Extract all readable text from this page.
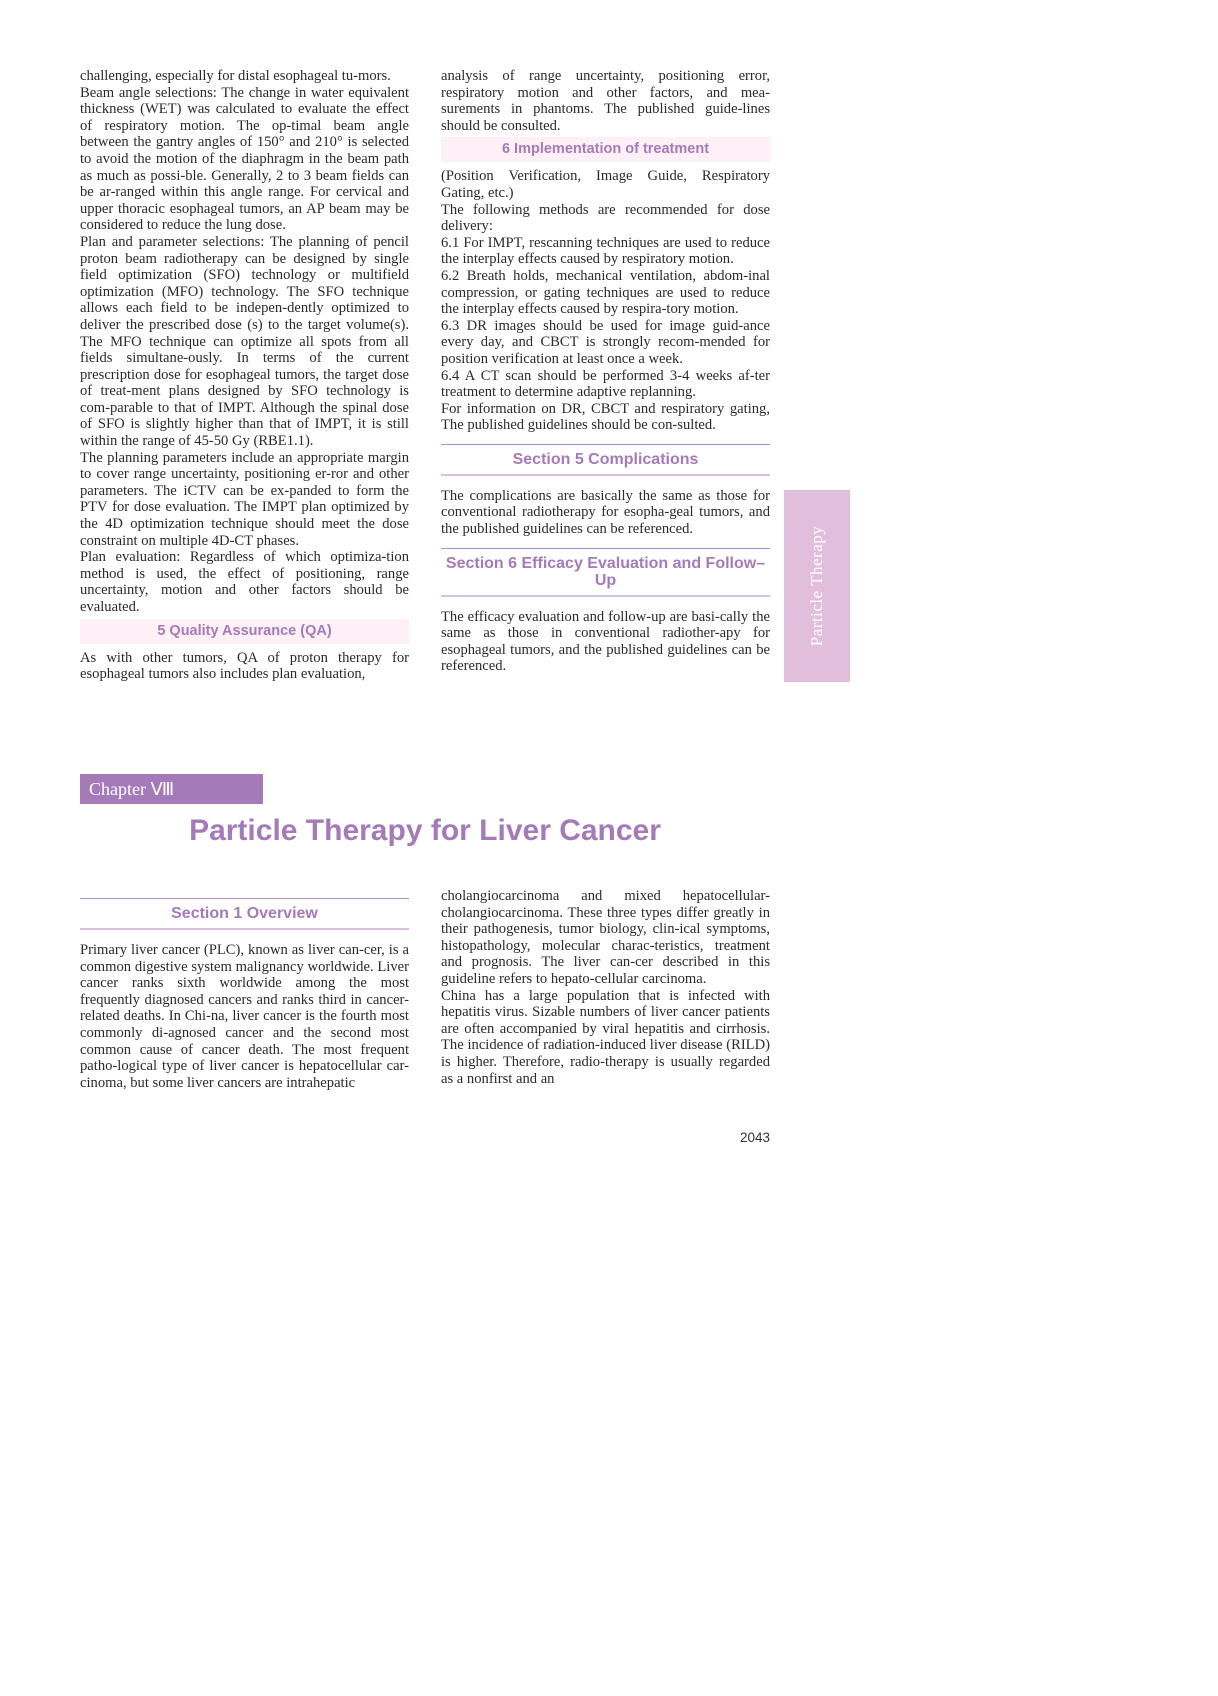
challenging, especially for distal esophageal tu-mors.

Beam angle selections: The change in water equivalent thickness (WET) was calculated to evaluate the effect of respiratory motion. The op-timal beam angle between the gantry angles of 150° and 210° is selected to avoid the motion of the diaphragm in the beam path as much as possi-ble. Generally, 2 to 3 beam fields can be ar-ranged within this angle range. For cervical and upper thoracic esophageal tumors, an AP beam may be considered to reduce the lung dose.

Plan and parameter selections: The planning of pencil proton beam radiotherapy can be designed by single field optimization (SFO) technology or multifield optimization (MFO) technology. The SFO technique allows each field to be indepen-dently optimized to deliver the prescribed dose (s) to the target volume(s). The MFO technique can optimize all spots from all fields simultane-ously. In terms of the current prescription dose for esophageal tumors, the target dose of treat-ment plans designed by SFO technology is com-parable to that of IMPT. Although the spinal dose of SFO is slightly higher than that of IMPT, it is still within the range of 45-50 Gy (RBE1.1).

The planning parameters include an appropriate margin to cover range uncertainty, positioning er-ror and other parameters. The iCTV can be ex-panded to form the PTV for dose evaluation. The IMPT plan optimized by the 4D optimization technique should meet the dose constraint on multiple 4D-CT phases.

Plan evaluation: Regardless of which optimiza-tion method is used, the effect of positioning, range uncertainty, motion and other factors should be evaluated.

5 Quality Assurance (QA)

As with other tumors, QA of proton therapy for esophageal tumors also includes plan evaluation,

analysis of range uncertainty, positioning error, respiratory motion and other factors, and mea-surements in phantoms. The published guide-lines should be consulted.

6 Implementation of treatment

(Position Verification, Image Guide, Respiratory Gating, etc.)

The following methods are recommended for dose delivery:

6.1 For IMPT, rescanning techniques are used to reduce the interplay effects caused by respiratory motion.

6.2 Breath holds, mechanical ventilation, abdom-inal compression, or gating techniques are used to reduce the interplay effects caused by respira-tory motion.

6.3 DR images should be used for image guid-ance every day, and CBCT is strongly recom-mended for position verification at least once a week.

6.4 A CT scan should be performed 3-4 weeks af-ter treatment to determine adaptive replanning.

For information on DR, CBCT and respiratory gating, The published guidelines should be con-sulted.

Section 5 Complications

The complications are basically the same as those for conventional radiotherapy for esopha-geal tumors, and the published guidelines can be referenced.

Section 6 Efficacy Evaluation and Follow–Up

The efficacy evaluation and follow-up are basi-cally the same as those in conventional radiother-apy for esophageal tumors, and the published guidelines can be referenced.

Particle Therapy
Chapter Ⅷ
Particle Therapy for Liver Cancer
Section 1 Overview

Primary liver cancer (PLC), known as liver can-cer, is a common digestive system malignancy worldwide. Liver cancer ranks sixth worldwide among the most frequently diagnosed cancers and ranks third in cancer-related deaths. In Chi-na, liver cancer is the fourth most commonly di-agnosed cancer and the second most common cause of cancer death. The most frequent patho-logical type of liver cancer is hepatocellular car-cinoma, but some liver cancers are intrahepatic

cholangiocarcinoma and mixed hepatocellular-cholangiocarcinoma. These three types differ greatly in their pathogenesis, tumor biology, clin-ical symptoms, histopathology, molecular charac-teristics, treatment and prognosis. The liver can-cer described in this guideline refers to hepato-cellular carcinoma.

China has a large population that is infected with hepatitis virus. Sizable numbers of liver cancer patients are often accompanied by viral hepatitis and cirrhosis. The incidence of radiation-induced liver disease (RILD) is higher. Therefore, radio-therapy is usually regarded as a nonfirst and an

2043
